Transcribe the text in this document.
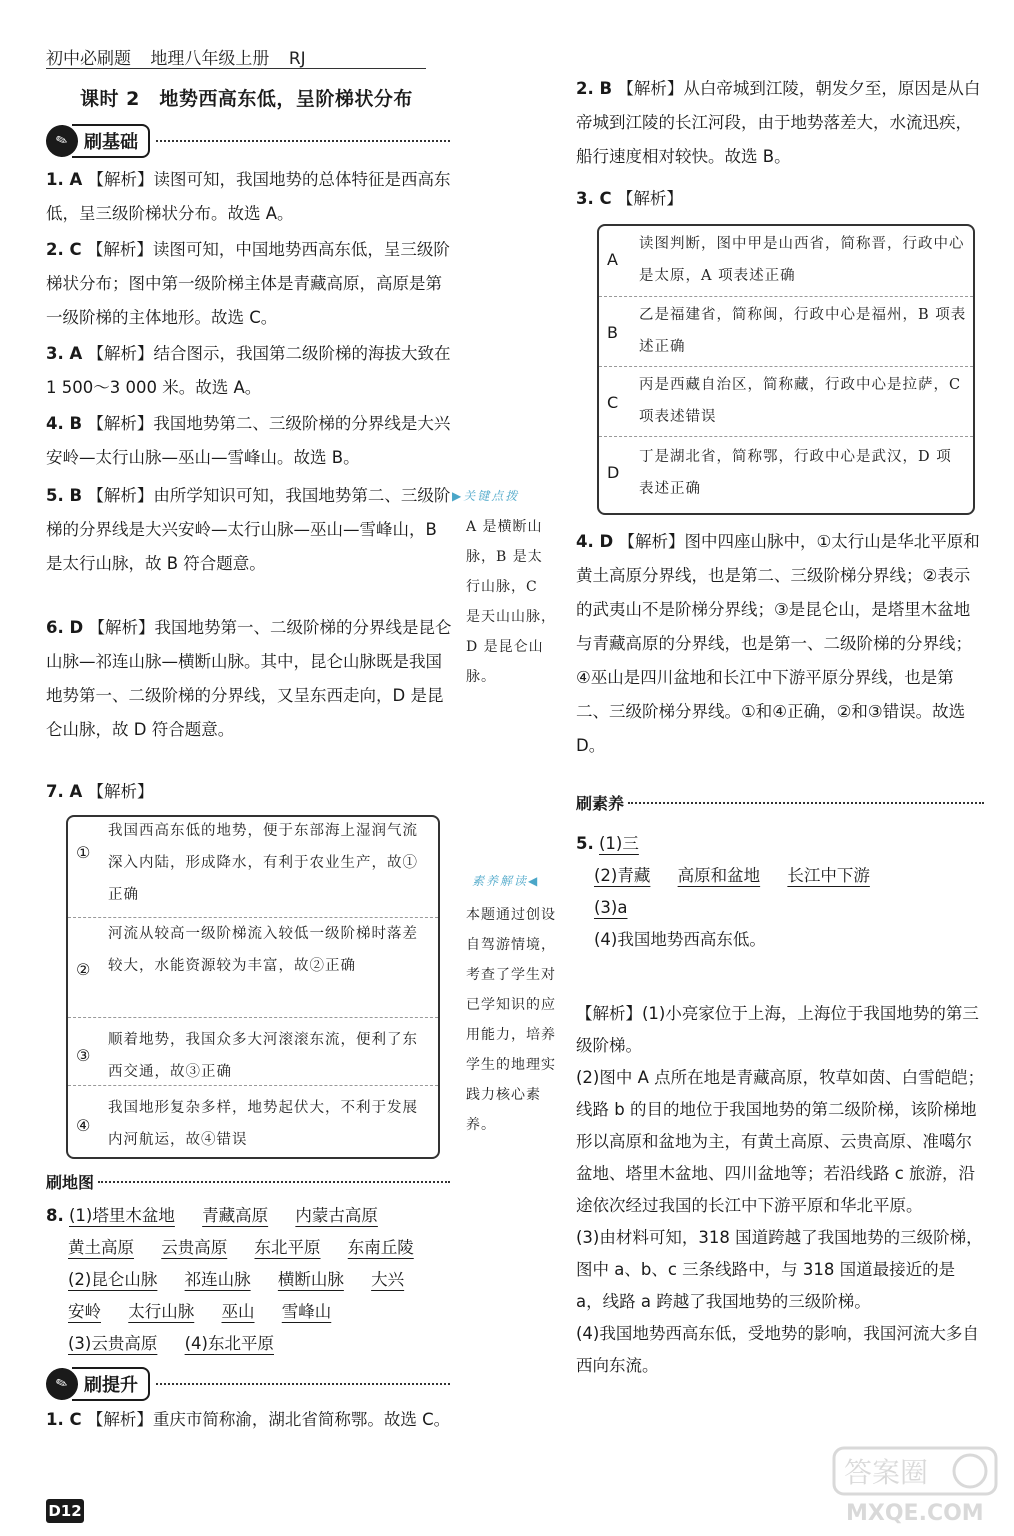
初中必刷题 地理八年级上册 RJ
课时 2　地势西高东低，呈阶梯状分布
✎ 刷基础
1. A 【解析】读图可知，我国地势的总体特征是西高东低，呈三级阶梯状分布。故选 A。
2. C 【解析】读图可知，中国地势西高东低，呈三级阶梯状分布；图中第一级阶梯主体是青藏高原，高原是第一级阶梯的主体地形。故选 C。
3. A 【解析】结合图示，我国第二级阶梯的海拔大致在 1 500～3 000 米。故选 A。
4. B 【解析】我国地势第二、三级阶梯的分界线是大兴安岭—太行山脉—巫山—雪峰山。故选 B。
5. B 【解析】由所学知识可知，我国地势第二、三级阶梯的分界线是大兴安岭—太行山脉—巫山—雪峰山，B 是太行山脉，故 B 符合题意。
6. D 【解析】我国地势第一、二级阶梯的分界线是昆仑山脉—祁连山脉—横断山脉。其中，昆仑山脉既是我国地势第一、二级阶梯的分界线，又呈东西走向，D 是昆仑山脉，故 D 符合题意。
7. A 【解析】
①
我国西高东低的地势，便于东部海上湿润气流深入内陆，形成降水，有利于农业生产，故①正确
②
河流从较高一级阶梯流入较低一级阶梯时落差较大，水能资源较为丰富，故②正确
③
顺着地势，我国众多大河滚滚东流，便利了东西交通，故③正确
④
我国地形复杂多样，地势起伏大，不利于发展内河航运，故④错误
刷地图
8. (1)塔里木盆地 青藏高原 内蒙古高原
黄土高原 云贵高原 东北平原 东南丘陵
(2)昆仑山脉 祁连山脉 横断山脉 大兴
安岭 太行山脉 巫山 雪峰山
(3)云贵高原 (4)东北平原
✎ 刷提升
1. C 【解析】重庆市简称渝，湖北省简称鄂。故选 C。
▶关键点拨
A 是横断山脉，B 是太行山脉，C 是天山山脉，D 是昆仑山脉。
素养解读◀
本题通过创设自驾游情境，考查了学生对已学知识的应用能力，培养学生的地理实践力核心素养。
2. B 【解析】从白帝城到江陵，朝发夕至，原因是从白帝城到江陵的长江河段，由于地势落差大，水流迅疾，船行速度相对较快。故选 B。
3. C 【解析】
A
读图判断，图中甲是山西省，简称晋，行政中心是太原，A 项表述正确
B
乙是福建省，简称闽，行政中心是福州，B 项表述正确
C
丙是西藏自治区，简称藏，行政中心是拉萨，C 项表述错误
D
丁是湖北省，简称鄂，行政中心是武汉，D 项表述正确
4. D 【解析】图中四座山脉中，①太行山是华北平原和黄土高原分界线，也是第二、三级阶梯分界线；②表示的武夷山不是阶梯分界线；③是昆仑山，是塔里木盆地与青藏高原的分界线，也是第一、二级阶梯的分界线；④巫山是四川盆地和长江中下游平原分界线，也是第二、三级阶梯分界线。①和④正确，②和③错误。故选 D。
刷素养
5. (1)三
(2)青藏 高原和盆地 长江中下游
(3)a
(4)我国地势西高东低。
【解析】(1)小亮家位于上海，上海位于我国地势的第三级阶梯。
(2)图中 A 点所在地是青藏高原，牧草如茵、白雪皑皑；线路 b 的目的地位于我国地势的第二级阶梯，该阶梯地形以高原和盆地为主，有黄土高原、云贵高原、准噶尔盆地、塔里木盆地、四川盆地等；若沿线路 c 旅游，沿途依次经过我国的长江中下游平原和华北平原。
(3)由材料可知，318 国道跨越了我国地势的三级阶梯，图中 a、b、c 三条线路中，与 318 国道最接近的是 a，线路 a 跨越了我国地势的三级阶梯。
(4)我国地势西高东低，受地势的影响，我国河流大多自西向东流。
D12
答案圈
MXQE.COM
